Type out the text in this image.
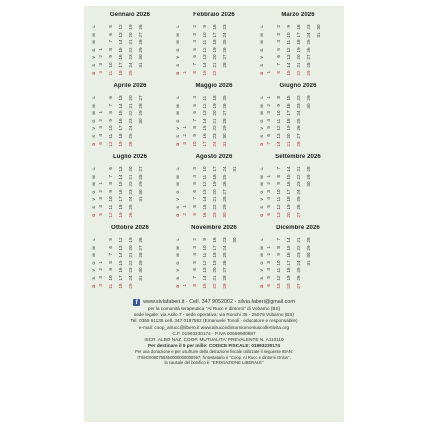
Gennaio 2026
L
M
M
G
V
S
D
1
2
3
4
5
6
7
8
9
10
11
12
13
14
15
16
17
18
19
20
21
22
23
24
25
26
27
28
29
30
31
Febbraio 2026
L
M
M
G
V
S
D 1
2
3
4
5
6
7
8
9
10
11
12
13
14
15
16
17
18
19
20
21
22
23
24
25
26
27
28
Marzo 2026
L
M
M
G
V
S
D 1
2
3
4
5
6
7
8
9
10
11
12
13
14
15
16
17
18
19
20
21
22
23
24
25
26
27
28
29
30
31
Aprile 2026
L
M
M
G
V
S
D
1
2
3
4
5
6
7
8
9
10
11
12
13
14
15
16
17
18
19
20
21
22
23
24
25
26
27
28
29
30
Maggio 2026
L
M
M
G
V
S
D
1
2
3
4
5
6
7
8
9
10
11
12
13
14
15
16
17
18
19
20
21
22
23
24
25
26
27
28
29
30
31
Giugno 2026
L
M
M
G
V
S
D
1
2
3
4
5
6
7
8
9
10
11
12
13
14
15
16
17
18
19
20
21
22
23
24
25
26
27
28
29
30
Luglio 2026
L
M
M
G
V
S
D
1
2
3
4
5
6
7
8
9
10
11
12
13
14
15
16
17
18
19
20
21
22
23
24
25
26
27
28
29
30
31
Agosto 2026
L
M
M
G
V
S
D
1
2
3
4
5
6
7
8
9
10
11
12
13
14
15
16
17
18
19
20
21
22
23
24
25
26
27
28
29
30
31
Settembre 2026
L
M
M
G
V
S
D
1
2
3
4
5
6
7
8
9
10
11
12
13
14
15
16
17
18
19
20
21
22
23
24
25
26
27
28
29
30
Ottobre 2026
L
M
M
G
V
S
D
1
2
3
4
5
6
7
8
9
10
11
12
13
14
15
16
17
18
19
20
21
22
23
24
25
26
27
28
29
30
31
Novembre 2026
L
M
M
G
V
S
D 1
2
3
4
5
6
7
8
9
10
11
12
13
14
15
16
17
18
19
20
21
22
23
24
25
26
27
28
29
30
Dicembre 2026
L
M
M
G
V
S
D
1
2
3
4
5
6
7
8
9
10
11
12
13
14
15
16
17
18
19
20
21
22
23
24
25
26
27
28
29
30
31
f	www.sivlafaberi.it - Cell. 347 9052002 - silvia.faberi@gmail.com
per la comunità terapeutica "Al Rucc e dintorni" di Vobarno (BS)
sede legale: via Asilo 7 - sede operativa: via Ronchi 36 - 25079 Vobarno (BS)
Tel. 0365 61135 cell. 347 0197592 (Emanuele Tonoli - educatore e responsabile)
e-mail: coop_alrucc@libero.it www.alruccedintorniomoniuscollertivita.org
C.F. 01993230174 - P.IVA 00669900987
ISCR. ALBO NAZ. COOP. MUTUALITA' PREVALENTE N. A110110
Per destinare il 5 per mille: CODICE FISCALE: 01993230174
Per una donazione e per usufruire della detrazione fiscale utilizzate il seguente IBAN:
IT59G0080755450000000000567, l'intestatario è "Coop. Al Rucc e dintorni Onlus",
la causale del bonifico è: "EROGAZIONE LIBERALE"
